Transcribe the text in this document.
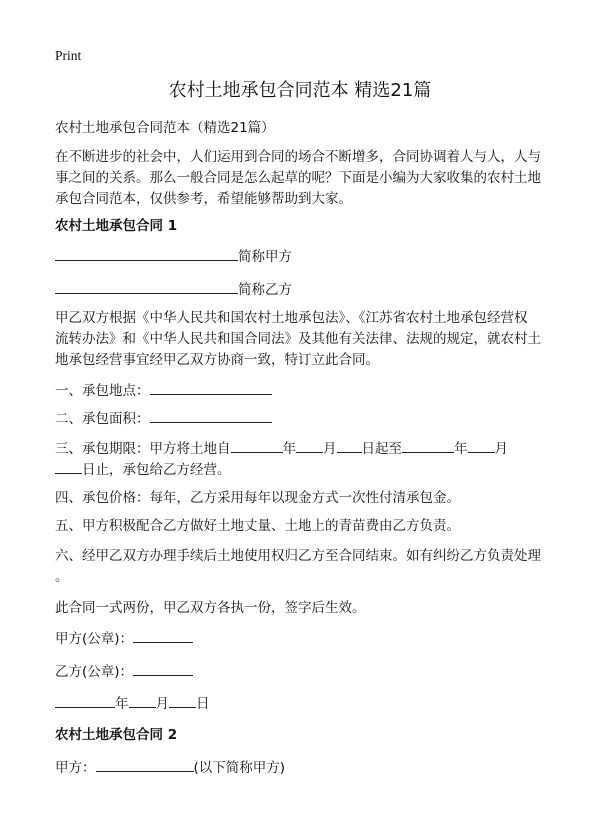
Print
农村土地承包合同范本 精选21篇
农村土地承包合同范本（精选21篇）
在不断进步的社会中，人们运用到合同的场合不断增多，合同协调着人与人，人与
事之间的关系。那么一般合同是怎么起草的呢？下面是小编为大家收集的农村土地
承包合同范本，仅供参考，希望能够帮助到大家。
农村土地承包合同 1
简称甲方
简称乙方
甲乙双方根据《中华人民共和国农村土地承包法》、《江苏省农村土地承包经营权
流转办法》和《中华人民共和国合同法》及其他有关法律、法规的规定，就农村土
地承包经营事宜经甲乙双方协商一致，特订立此合同。
一、承包地点：
二、承包面积：
三、承包期限：甲方将土地自	年 月 日起至	年 月
日止，承包给乙方经营。
四、承包价格：每年，乙方采用每年以现金方式一次性付清承包金。
五、甲方积极配合乙方做好土地丈量、土地上的青苗费由乙方负责。
六、经甲乙双方办理手续后土地使用权归乙方至合同结束。如有纠纷乙方负责处理
。
此合同一式两份，甲乙双方各执一份，签字后生效。
甲方(公章)：
乙方(公章)：
年 月 日
农村土地承包合同 2
甲方：	(以下简称甲方)
